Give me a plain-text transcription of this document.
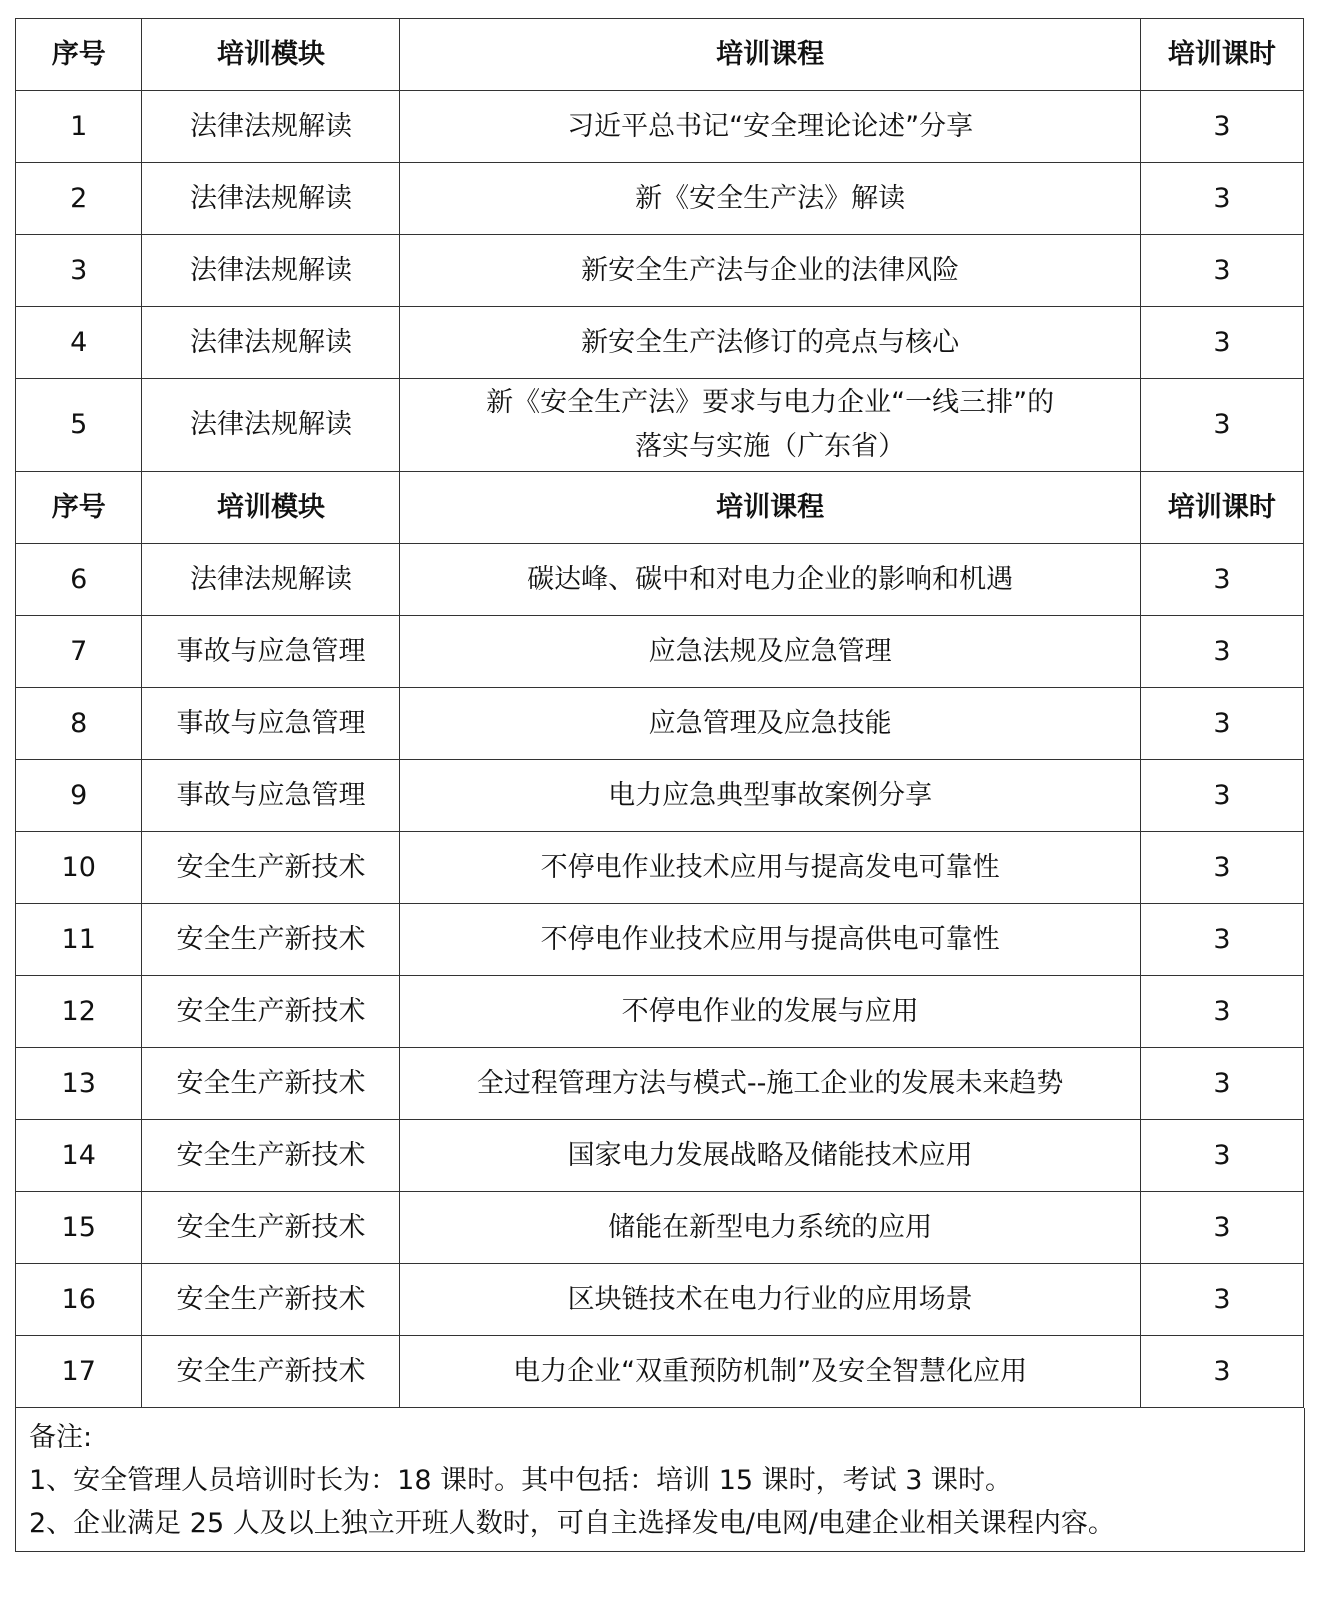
序号	培训模块	培训课程	培训课时
1	法律法规解读	习近平总书记“安全理论论述”分享	3
2	法律法规解读	新《安全生产法》解读	3
3	法律法规解读	新安全生产法与企业的法律风险	3
4	法律法规解读	新安全生产法修订的亮点与核心	3
5	法律法规解读	新《安全生产法》要求与电力企业“一线三排”的
落实与实施（广东省）	3
序号	培训模块	培训课程	培训课时
6	法律法规解读	碳达峰、碳中和对电力企业的影响和机遇	3
7	事故与应急管理	应急法规及应急管理	3
8	事故与应急管理	应急管理及应急技能	3
9	事故与应急管理	电力应急典型事故案例分享	3
10	安全生产新技术	不停电作业技术应用与提高发电可靠性	3
11	安全生产新技术	不停电作业技术应用与提高供电可靠性	3
12	安全生产新技术	不停电作业的发展与应用	3
13	安全生产新技术	全过程管理方法与模式--施工企业的发展未来趋势	3
14	安全生产新技术	国家电力发展战略及储能技术应用	3
15	安全生产新技术	储能在新型电力系统的应用	3
16	安全生产新技术	区块链技术在电力行业的应用场景	3
17	安全生产新技术	电力企业“双重预防机制”及安全智慧化应用	3
备注:
1、安全管理人员培训时长为：18 课时。其中包括：培训 15 课时，考试 3 课时。
2、企业满足 25 人及以上独立开班人数时，可自主选择发电/电网/电建企业相关课程内容。
